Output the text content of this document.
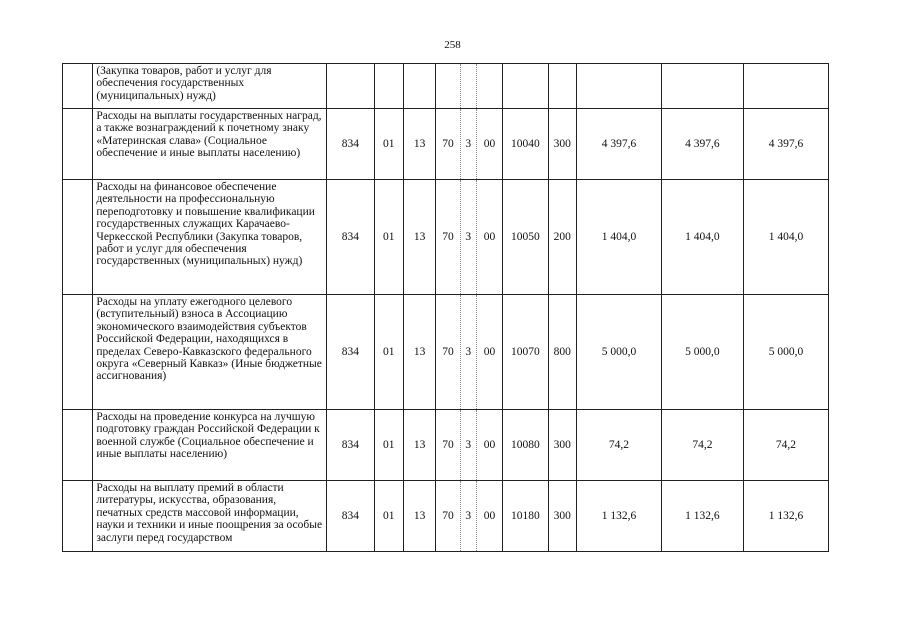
258
	(Закупка товаров, работ и услуг для обеспечения государственных (муниципальных) нужд)											
	Расходы на выплаты государственных наград, а также вознаграждений к почетному знаку «Материнская слава» (Социальное обеспечение и иные выплаты населению)	834	01	13	70	3	00	10040	300	4 397,6	4 397,6	4 397,6
	Расходы на финансовое обеспечение деятельности на профессиональную переподготовку и повышение квалификации государственных служащих Карачаево-Черкесской Республики (Закупка товаров, работ и услуг для обеспечения государственных (муниципальных) нужд)	834	01	13	70	3	00	10050	200	1 404,0	1 404,0	1 404,0
	Расходы на уплату ежегодного целевого (вступительный) взноса в Ассоциацию экономического взаимодействия субъектов Российской Федерации, находящихся в пределах Северо-Кавказского федерального округа «Северный Кавказ» (Иные бюджетные ассигнования)	834	01	13	70	3	00	10070	800	5 000,0	5 000,0	5 000,0
	Расходы на проведение конкурса на лучшую подготовку граждан Российской Федерации к военной службе (Социальное обеспечение и иные выплаты населению)	834	01	13	70	3	00	10080	300	74,2	74,2	74,2
	Расходы на выплату премий в области литературы, искусства, образования, печатных средств массовой информации, науки и техники и иные поощрения за особые заслуги перед государством	834	01	13	70	3	00	10180	300	1 132,6	1 132,6	1 132,6
